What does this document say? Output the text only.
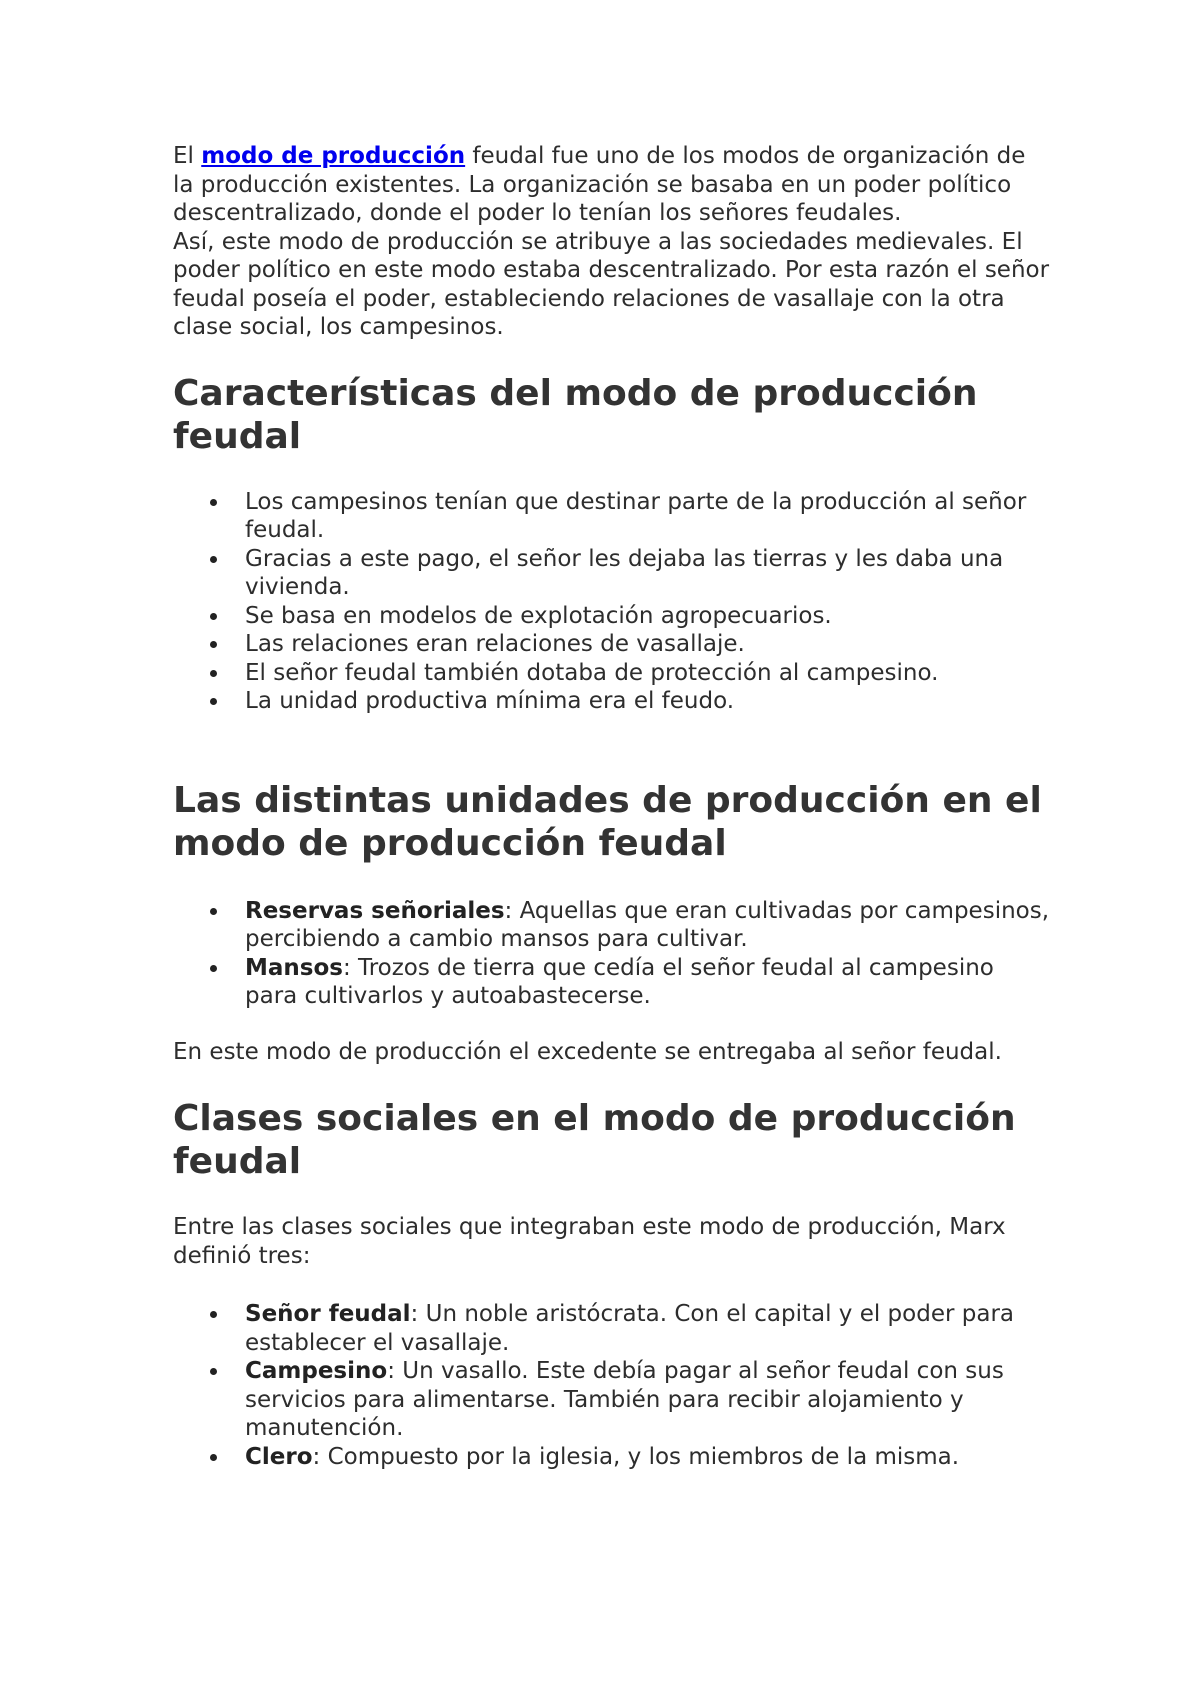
El modo de producción feudal fue uno de los modos de organización de la producción existentes. La organización se basaba en un poder político descentralizado, donde el poder lo tenían los señores feudales.

Así, este modo de producción se atribuye a las sociedades medievales. El poder político en este modo estaba descentralizado. Por esta razón el señor feudal poseía el poder, estableciendo relaciones de vasallaje con la otra clase social, los campesinos.

Características del modo de producción feudal
Los campesinos tenían que destinar parte de la producción al señor feudal.
Gracias a este pago, el señor les dejaba las tierras y les daba una vivienda.
Se basa en modelos de explotación agropecuarios.
Las relaciones eran relaciones de vasallaje.
El señor feudal también dotaba de protección al campesino.
La unidad productiva mínima era el feudo.
Las distintas unidades de producción en el modo de producción feudal
Reservas señoriales: Aquellas que eran cultivadas por campesinos, percibiendo a cambio mansos para cultivar.
Mansos: Trozos de tierra que cedía el señor feudal al campesino para cultivarlos y autoabastecerse.

En este modo de producción el excedente se entregaba al señor feudal.

Clases sociales en el modo de producción feudal

Entre las clases sociales que integraban este modo de producción, Marx definió tres:

Señor feudal: Un noble aristócrata. Con el capital y el poder para establecer el vasallaje.
Campesino: Un vasallo. Este debía pagar al señor feudal con sus servicios para alimentarse. También para recibir alojamiento y manutención.
Clero: Compuesto por la iglesia, y los miembros de la misma.
